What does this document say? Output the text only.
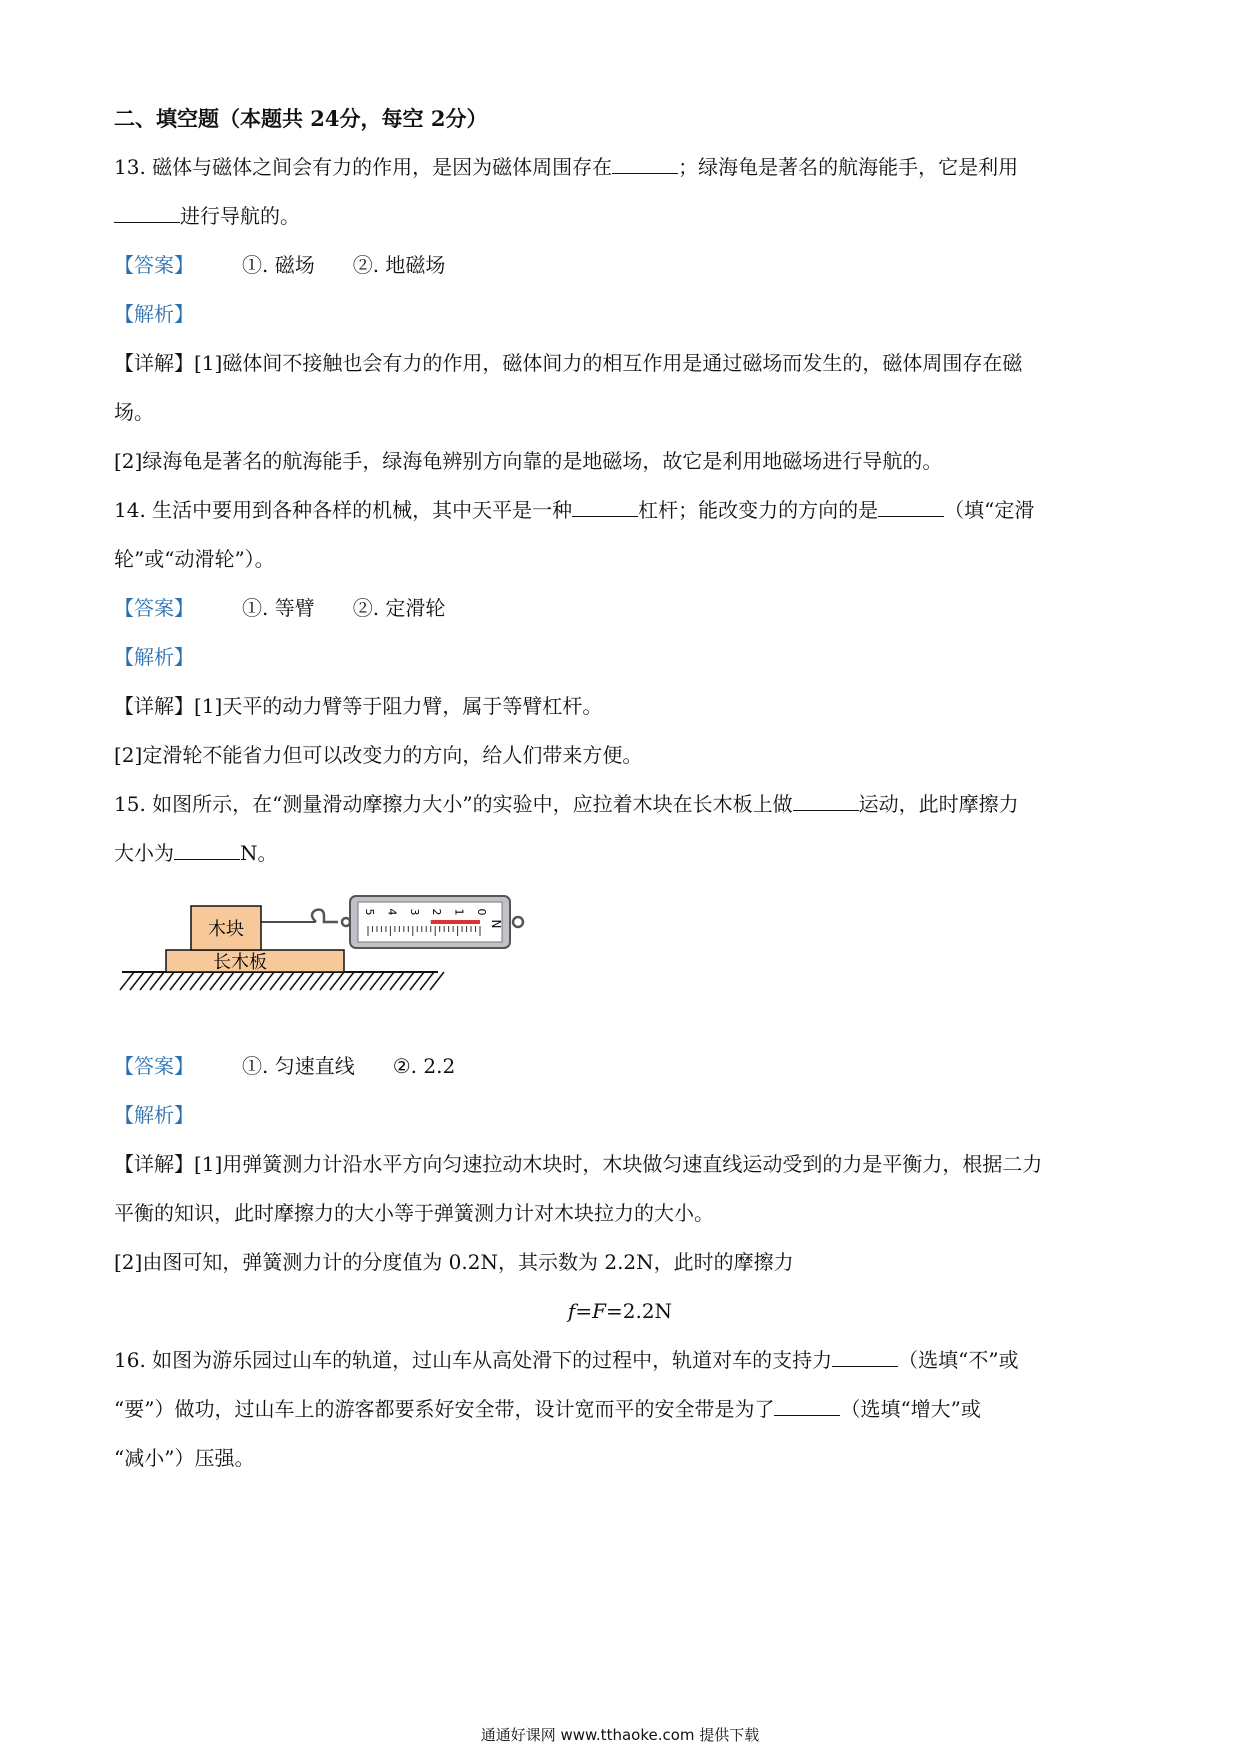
二、填空题（本题共 24分，每空 2分）
13. 磁体与磁体之间会有力的作用，是因为磁体周围存在	；绿海龟是著名的航海能手，它是利用
进行导航的。
【答案】 ①. 磁场 ②. 地磁场
【解析】
【详解】[1]磁体间不接触也会有力的作用，磁体间力的相互作用是通过磁场而发生的，磁体周围存在磁
场。
[2]绿海龟是著名的航海能手，绿海龟辨别方向靠的是地磁场，故它是利用地磁场进行导航的。
14. 生活中要用到各种各样的机械，其中天平是一种	杠杆；能改变力的方向的是	（填“定滑
轮”或“动滑轮”）。
【答案】 ①. 等臂 ②. 定滑轮
【解析】
【详解】[1]天平的动力臂等于阻力臂，属于等臂杠杆。
[2]定滑轮不能省力但可以改变力的方向，给人们带来方便。
15. 如图所示，在“测量滑动摩擦力大小”的实验中，应拉着木块在长木板上做	运动，此时摩擦力
大小为	N。
长木板
木块
0
1
2
3
4
5
N
【答案】 ①. 匀速直线 ②. 2.2
【解析】
【详解】[1]用弹簧测力计沿水平方向匀速拉动木块时，木块做匀速直线运动受到的力是平衡力，根据二力
平衡的知识，此时摩擦力的大小等于弹簧测力计对木块拉力的大小。
[2]由图可知，弹簧测力计的分度值为 0.2N，其示数为 2.2N，此时的摩擦力
f=F=2.2N
16. 如图为游乐园过山车的轨道，过山车从高处滑下的过程中，轨道对车的支持力	（选填“不”或
“要”）做功，过山车上的游客都要系好安全带，设计宽而平的安全带是为了	（选填“增大”或
“减小”）压强。
通通好课网 www.tthaoke.com 提供下载
